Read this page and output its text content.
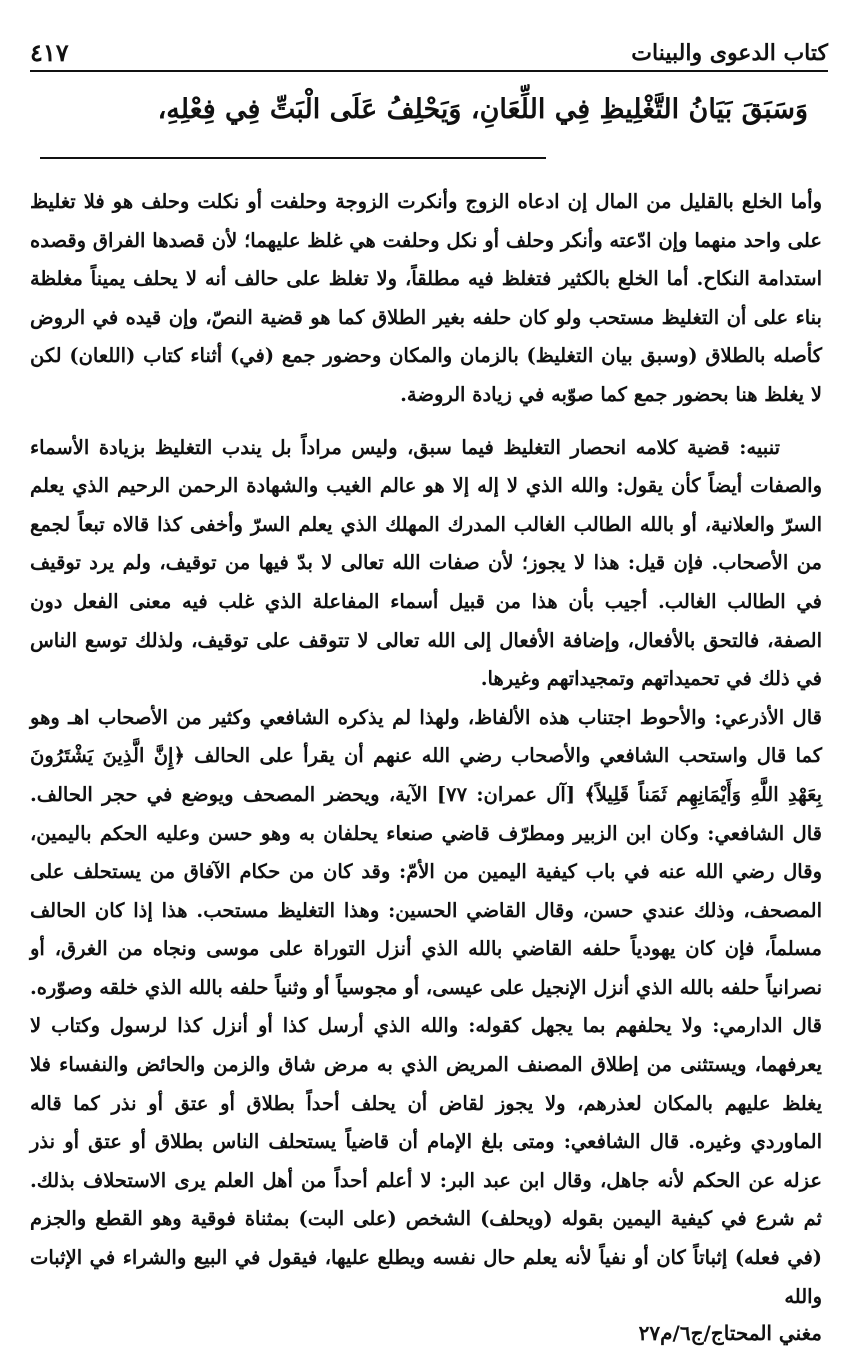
كتاب الدعوى والبينات
٤١٧
وَسَبَقَ بَيَانُ التَّغْلِيظِ فِي اللِّعَانِ، وَيَحْلِفُ عَلَى الْبَتِّ فِي فِعْلِهِ،

وأما الخلع بالقليل من المال إن ادعاه الزوج وأنكرت الزوجة وحلفت أو نكلت وحلف هو فلا تغليظ على واحد منهما وإن ادّعته وأنكر وحلف أو نكل وحلفت هي غلظ عليهما؛ لأن قصدها الفراق وقصده استدامة النكاح. أما الخلع بالكثير فتغلظ فيه مطلقاً، ولا تغلظ على حالف أنه لا يحلف يميناً مغلظة بناء على أن التغليظ مستحب ولو كان حلفه بغير الطلاق كما هو قضية النصّ، وإن قيده في الروض كأصله بالطلاق (وسبق بيان التغليظ) بالزمان والمكان وحضور جمع (في) أثناء كتاب (اللعان) لكن لا يغلظ هنا بحضور جمع كما صوّبه في زيادة الروضة.

تنبيه: قضية كلامه انحصار التغليظ فيما سبق، وليس مراداً بل يندب التغليظ بزيادة الأسماء والصفات أيضاً كأن يقول: والله الذي لا إله إلا هو عالم الغيب والشهادة الرحمن الرحيم الذي يعلم السرّ والعلانية، أو بالله الطالب الغالب المدرك المهلك الذي يعلم السرّ وأخفى كذا قالاه تبعاً لجمع من الأصحاب. فإن قيل: هذا لا يجوز؛ لأن صفات الله تعالى لا بدّ فيها من توقيف، ولم يرد توقيف في الطالب الغالب. أجيب بأن هذا من قبيل أسماء المفاعلة الذي غلب فيه معنى الفعل دون الصفة، فالتحق بالأفعال، وإضافة الأفعال إلى الله تعالى لا تتوقف على توقيف، ولذلك توسع الناس في ذلك في تحميداتهم وتمجيداتهم وغيرها.

قال الأذرعي: والأحوط اجتناب هذه الألفاظ، ولهذا لم يذكره الشافعي وكثير من الأصحاب اهـ وهو كما قال واستحب الشافعي والأصحاب رضي الله عنهم أن يقرأ على الحالف ﴿إِنَّ الَّذِينَ يَشْتَرُونَ بِعَهْدِ اللَّهِ وَأَيْمَانِهِم ثَمَناً قَلِيلاً﴾ [آل عمران: ٧٧] الآية، ويحضر المصحف ويوضع في حجر الحالف. قال الشافعي: وكان ابن الزبير ومطرّف قاضي صنعاء يحلفان به وهو حسن وعليه الحكم باليمين، وقال رضي الله عنه في باب كيفية اليمين من الأمّ: وقد كان من حكام الآفاق من يستحلف على المصحف، وذلك عندي حسن، وقال القاضي الحسين: وهذا التغليظ مستحب. هذا إذا كان الحالف مسلماً، فإن كان يهودياً حلفه القاضي بالله الذي أنزل التوراة على موسى ونجاه من الغرق، أو نصرانياً حلفه بالله الذي أنزل الإنجيل على عيسى، أو مجوسياً أو وثنياً حلفه بالله الذي خلقه وصوّره. قال الدارمي: ولا يحلفهم بما يجهل كقوله: والله الذي أرسل كذا أو أنزل كذا لرسول وكتاب لا يعرفهما، ويستثنى من إطلاق المصنف المريض الذي به مرض شاق والزمن والحائض والنفساء فلا يغلظ عليهم بالمكان لعذرهم، ولا يجوز لقاض أن يحلف أحداً بطلاق أو عتق أو نذر كما قاله الماوردي وغيره. قال الشافعي: ومتى بلغ الإمام أن قاضياً يستحلف الناس بطلاق أو عتق أو نذر عزله عن الحكم لأنه جاهل، وقال ابن عبد البر: لا أعلم أحداً من أهل العلم يرى الاستحلاف بذلك. ثم شرع في كيفية اليمين بقوله (ويحلف) الشخص (على البت) بمثناة فوقية وهو القطع والجزم (في فعله) إثباتاً كان أو نفياً لأنه يعلم حال نفسه ويطلع عليها، فيقول في البيع والشراء في الإثبات والله

مغني المحتاج/ج٦/م٢٧
